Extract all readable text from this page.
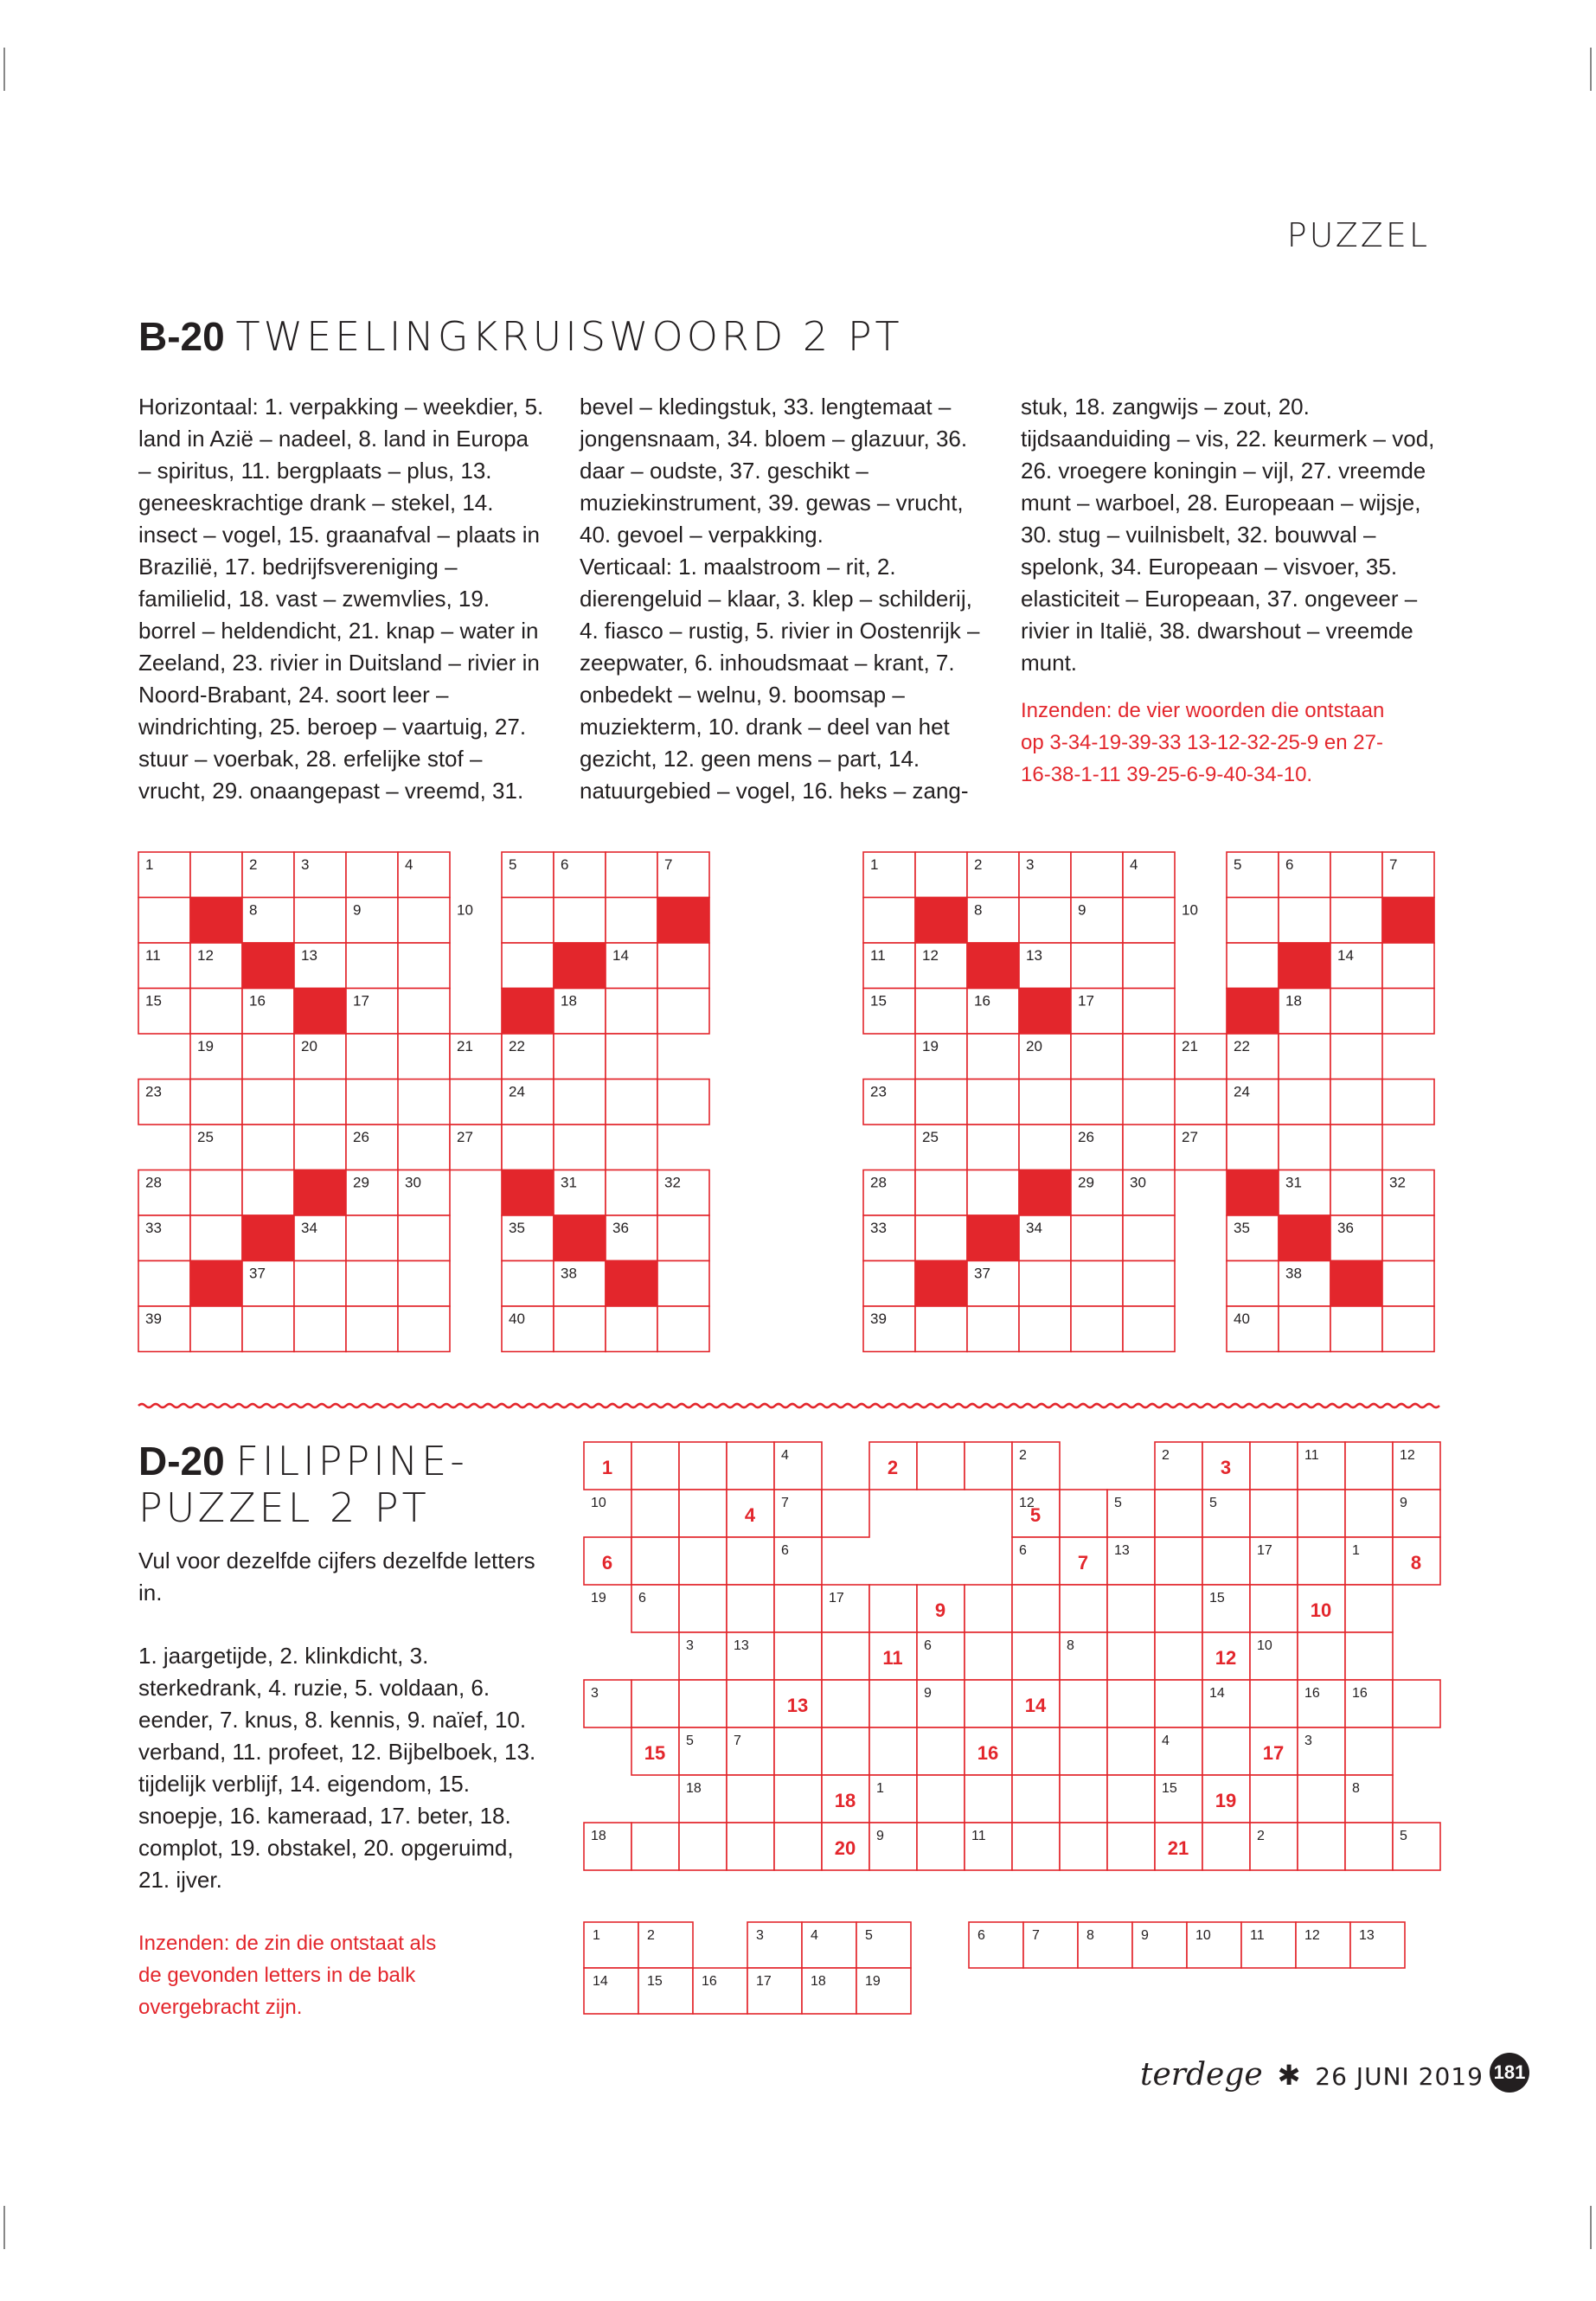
PUZZEL
B-20 TWEELINGKRUISWOORD 2 PT
Horizontaal: 1. verpakking – weekdier, 5. land in Azië – nadeel, 8. land in Europa – spiritus, 11. bergplaats – plus, 13. geneeskrachtige drank – stekel, 14. insect – vogel, 15. graanafval – plaats in Brazilië, 17. bedrijfsvereniging – familielid, 18. vast – zwemvlies, 19. borrel – heldendicht, 21. knap – water in Zeeland, 23. rivier in Duitsland – rivier in Noord-Brabant, 24. soort leer – windrichting, 25. beroep – vaartuig, 27. stuur – voerbak, 28. erfelijke stof – vrucht, 29. onaangepast – vreemd, 31.
bevel – kledingstuk, 33. lengtemaat – jongensnaam, 34. bloem – glazuur, 36. daar – oudste, 37. geschikt – muziekinstrument, 39. gewas – vrucht, 40. gevoel – verpakking.
Verticaal: 1. maalstroom – rit, 2. dierengeluid – klaar, 3. klep – schilderij, 4. fiasco – rustig, 5. rivier in Oostenrijk – zeepwater, 6. inhoudsmaat – krant, 7. onbedekt – welnu, 9. boomsap – muziekterm, 10. drank – deel van het gezicht, 12. geen mens – part, 14. natuurgebied – vogel, 16. heks – zang-
stuk, 18. zangwijs – zout, 20. tijdsaanduiding – vis, 22. keurmerk – vod, 26. vroegere koningin – vijl, 27. vreemde munt – warboel, 28. Europeaan – wijsje, 30. stug – vuilnisbelt, 32. bouwval – spelonk, 34. Europeaan – visvoer, 35. elasticiteit – Europeaan, 37. ongeveer – rivier in Italië, 38. dwarshout – vreemde munt.
Inzenden: de vier woorden die ontstaan
op 3-34-19-39-33 13-12-32-25-9 en 27-
16-38-1-11 39-25-6-9-40-34-10.
D-20 FILIPPINE-
PUZZEL 2 PT
Vul voor dezelfde cijfers dezelfde letters in.
1. jaargetijde, 2. klinkdicht, 3. sterkedrank, 4. ruzie, 5. voldaan, 6. eender, 7. knus, 8. kennis, 9. naïef, 10. verband, 11. profeet, 12. Bijbelboek, 13. tijdelijk verblijf, 14. eigendom, 15. snoepje, 16. kameraad, 17. beter, 18. complot, 19. obstakel, 20. opgeruimd, 21. ijver.
Inzenden: de zin die ontstaat als
de gevonden letters in de balk
overgebracht zijn.
1	2	3	4	5	6	7
8	9	10
11 12	13	14
15	16	17	18
19	20	21 22
23	24
25	26	27
28	29 30	31	32
33	34	35	36
37	38
39	40
1	2	3	4	5	6	7
8	9	10
11 12	13	14
15	16	17	18
19	20	21 22
23	24
25	26	27
28	29 30	31	32
33	34	35	36
37	38
39	40
4
10	7
6
19 6	17
3	13
3
5	7
18
18
2
12	5
6	13
6	8
9
1
9	11
2	11	12
5	9
17	1
15
10
14	16 16
4	3
15	8
2	5
1
4
6
9
11
13
15
18
20
2
5
7
10
12
14
16
19
21
3
8
17
1	2	3	4	5	6	7	8	9	10	11	12	13
14	15	16	17	18	19
terdege ✱ 26 JUNI 2019 181
